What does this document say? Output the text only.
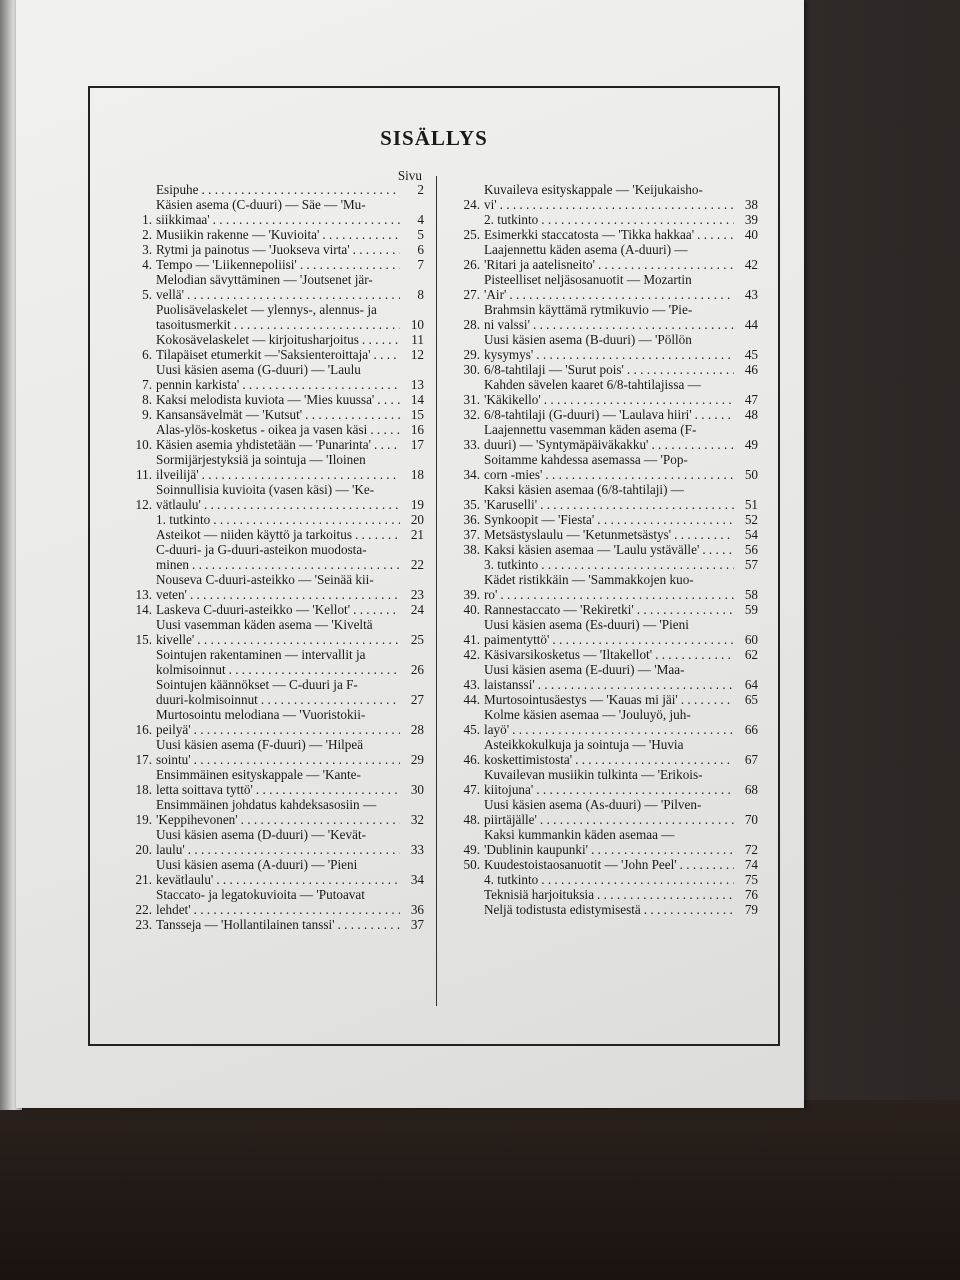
SISÄLLYS
Sivu
Esipuhe . . .	2
1.
Käsien asema (C-duuri) — Säe — 'Mu-
siikkimaa' . . .	4
2. Musiikin rakenne — 'Kuvioita' . . .	5
3. Rytmi ja painotus — 'Juokseva virta' . . .	6
4. Tempo — 'Liikennepoliisi' . . .	7
5.
Melodian sävyttäminen — 'Joutsenet jär-
vellä' . . .	8
Puolisävelaskelet — ylennys-, alennus- ja
tasoitusmerkit . . .	10
Kokosävelaskelet — kirjoitusharjoitus . . .	11
6. Tilapäiset etumerkit —'Saksienteroittaja' . . .	12
7.
Uusi käsien asema (G-duuri) — 'Laulu
pennin karkista' . . .	13
8. Kaksi melodista kuviota — 'Mies kuussa' . . .	14
9. Kansansävelmät — 'Kutsut' . . .	15
Alas-ylös-kosketus - oikea ja vasen käsi . . .	16
10. Käsien asemia yhdistetään — 'Punarinta' . . .	17
11.
Sormijärjestyksiä ja sointuja — 'Iloinen
ilveilijä' . . .	18
12.
Soinnullisia kuvioita (vasen käsi) — 'Ke-
vätlaulu' . . .	19
1. tutkinto . . .	20
Asteikot — niiden käyttö ja tarkoitus . . .	21
C-duuri- ja G-duuri-asteikon muodosta-
minen . . .	22
13.
Nouseva C-duuri-asteikko — 'Seinää kii-
veten' . . .	23
14. Laskeva C-duuri-asteikko — 'Kellot' . . .	24
15.
Uusi vasemman käden asema — 'Kiveltä
kivelle' . . .	25
Sointujen rakentaminen — intervallit ja
kolmisoinnut . . .	26
Sointujen käännökset — C-duuri ja F-
duuri-kolmisoinnut . . .	27
16.
Murtosointu melodiana — 'Vuoristokii-
peilyä' . . .	28
17.
Uusi käsien asema (F-duuri) — 'Hilpeä
sointu' . . .	29
18.
Ensimmäinen esityskappale — 'Kante-
letta soittava tyttö' . . .	30
19.
Ensimmäinen johdatus kahdeksasosiin —
'Keppihevonen' . . .	32
20.
Uusi käsien asema (D-duuri) — 'Kevät-
laulu' . . .	33
21.
Uusi käsien asema (A-duuri) — 'Pieni
kevätlaulu' . . .	34
22.
Staccato- ja legatokuvioita — 'Putoavat
lehdet' . . .	36
23. Tansseja — 'Hollantilainen tanssi' . . .	37
24.
Kuvaileva esityskappale — 'Keijukaisho-
vi' . . .	38
2. tutkinto . . .	39
25. Esimerkki staccatosta — 'Tikka hakkaa' . . .	40
26.
Laajennettu käden asema (A-duuri) —
'Ritari ja aatelisneito' . . .	42
27.
Pisteelliset neljäsosanuotit — Mozartin
'Air' . . .	43
28.
Brahmsin käyttämä rytmikuvio — 'Pie-
ni valssi' . . .	44
29.
Uusi käsien asema (B-duuri) — 'Pöllön
kysymys' . . .	45
30. 6/8-tahtilaji — 'Surut pois' . . .	46
31.
Kahden sävelen kaaret 6/8-tahtilajissa —
'Käkikello' . . .	47
32. 6/8-tahtilaji (G-duuri) — 'Laulava hiiri' . . .	48
33.
Laajennettu vasemman käden asema (F-
duuri) — 'Syntymäpäiväkakku' . . .	49
34.
Soitamme kahdessa asemassa — 'Pop-
corn -mies' . . .	50
35.
Kaksi käsien asemaa (6/8-tahtilaji) —
'Karuselli' . . .	51
36. Synkoopit — 'Fiesta' . . .	52
37. Metsästyslaulu — 'Ketunmetsästys' . . .	54
38. Kaksi käsien asemaa — 'Laulu ystävälle' . . .	56
3. tutkinto . . .	57
39.
Kädet ristikkäin — 'Sammakkojen kuo-
ro' . . .	58
40. Rannestaccato — 'Rekiretki' . . .	59
41.
Uusi käsien asema (Es-duuri) — 'Pieni
paimentyttö' . . .	60
42. Käsivarsikosketus — 'Iltakellot' . . .	62
43.
Uusi käsien asema (E-duuri) — 'Maa-
laistanssi' . . .	64
44. Murtosointusäestys — 'Kauas mi jäi' . . .	65
45.
Kolme käsien asemaa — 'Jouluyö, juh-
layö' . . .	66
46.
Asteikkokulkuja ja sointuja — 'Huvia
koskettimistosta' . . .	67
47.
Kuvailevan musiikin tulkinta — 'Erikois-
kiitojuna' . . .	68
48.
Uusi käsien asema (As-duuri) — 'Pilven-
piirtäjälle' . . .	70
49.
Kaksi kummankin käden asemaa —
'Dublinin kaupunki' . . .	72
50. Kuudestoistaosanuotit — 'John Peel' . . .	74
4. tutkinto . . .	75
Teknisiä harjoituksia . . .	76
Neljä todistusta edistymisestä . . .	79
